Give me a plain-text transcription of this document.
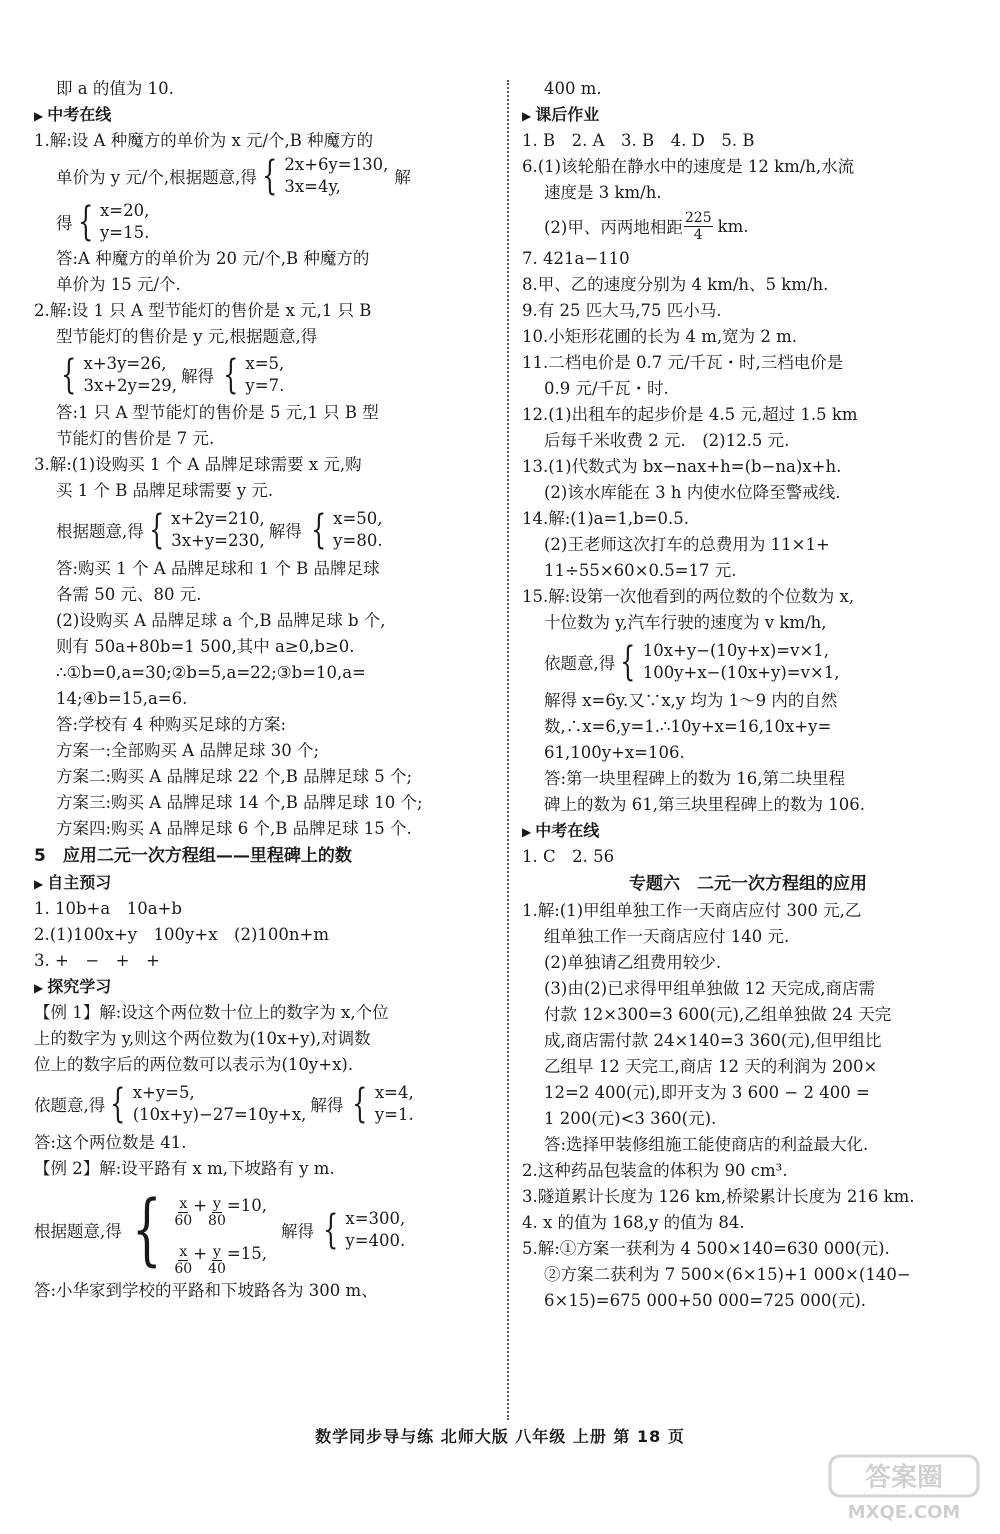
即 a 的值为 10.
▶ 中考在线
1.解:设 A 种魔方的单价为 x 元/个,B 种魔方的
单价为 y 元/个,根据题意,得 { 2x+6y=130,
3x=4y,	解
得 { x=20,
y=15.
答:A 种魔方的单价为 20 元/个,B 种魔方的
单价为 15 元/个.
2.解:设 1 只 A 型节能灯的售价是 x 元,1 只 B
型节能灯的售价是 y 元,根据题意,得
{ x+3y=26,
3x+2y=29, 解得 { x=5,
y=7.
答:1 只 A 型节能灯的售价是 5 元,1 只 B 型
节能灯的售价是 7 元.
3.解:(1)设购买 1 个 A 品牌足球需要 x 元,购
买 1 个 B 品牌足球需要 y 元.
根据题意,得 { x+2y=210,
3x+y=230, 解得 { x=50,
y=80.
答:购买 1 个 A 品牌足球和 1 个 B 品牌足球
各需 50 元、80 元.
(2)设购买 A 品牌足球 a 个,B 品牌足球 b 个,
则有 50a+80b=1 500,其中 a≥0,b≥0.
∴①b=0,a=30;②b=5,a=22;③b=10,a=
14;④b=15,a=6.
答:学校有 4 种购买足球的方案:
方案一:全部购买 A 品牌足球 30 个;
方案二:购买 A 品牌足球 22 个,B 品牌足球 5 个;
方案三:购买 A 品牌足球 14 个,B 品牌足球 10 个;
方案四:购买 A 品牌足球 6 个,B 品牌足球 15 个.
5　应用二元一次方程组——里程碑上的数
▶ 自主预习
1. 10b+a　10a+b
2.(1)100x+y　100y+x　(2)100n+m
3. +　−　+　+
▶ 探究学习
【例 1】解:设这个两位数十位上的数字为 x,个位
上的数字为 y,则这个两位数为(10x+y),对调数
位上的数字后的两位数可以表示为(10y+x).
依题意,得 { x+y=5,
(10x+y)−27=10y+x, 解得 { x=4,
y=1.
答:这个两位数是 41.
【例 2】解:设平路有 x m,下坡路有 y m.
根据题意,得 { $\frac{x}{60} + \frac{y}{80} =10$,
$\frac{x}{60} + \frac{y}{40} =15$,
解得 { x=300,
y=400.
答:小华家到学校的平路和下坡路各为 300 m、
400 m.
▶ 课后作业
1. B　2. A　3. B　4. D　5. B
6.(1)该轮船在静水中的速度是 12 km/h,水流
速度是 3 km/h.
(2)甲、丙两地相距 $\frac{225}{4}$ km.
7. 421a−110
8.甲、乙的速度分别为 4 km/h、5 km/h.
9.有 25 匹大马,75 匹小马.
10.小矩形花圃的长为 4 m,宽为 2 m.
11.二档电价是 0.7 元/千瓦・时,三档电价是
0.9 元/千瓦・时.
12.(1)出租车的起步价是 4.5 元,超过 1.5 km
后每千米收费 2 元.　(2)12.5 元.
13.(1)代数式为 bx−nax+h=(b−na)x+h.
(2)该水库能在 3 h 内使水位降至警戒线.
14.解:(1)a=1,b=0.5.
(2)王老师这次打车的总费用为 11×1+
11÷55×60×0.5=17 元.
15.解:设第一次他看到的两位数的个位数为 x,
十位数为 y,汽车行驶的速度为 v km/h,
依题意,得 { 10x+y−(10y+x)=v×1,
100y+x−(10x+y)=v×1,
解得 x=6y.又∵x,y 均为 1～9 内的自然
数,∴x=6,y=1.∴10y+x=16,10x+y=
61,100y+x=106.
答:第一块里程碑上的数为 16,第二块里程
碑上的数为 61,第三块里程碑上的数为 106.
▶ 中考在线
1. C　2. 56
专题六　二元一次方程组的应用
1.解:(1)甲组单独工作一天商店应付 300 元,乙
组单独工作一天商店应付 140 元.
(2)单独请乙组费用较少.
(3)由(2)已求得甲组单独做 12 天完成,商店需
付款 12×300=3 600(元),乙组单独做 24 天完
成,商店需付款 24×140=3 360(元),但甲组比
乙组早 12 天完工,商店 12 天的利润为 200×
12=2 400(元),即开支为 3 600 − 2 400 =
1 200(元)<3 360(元).
答:选择甲装修组施工能使商店的利益最大化.
2.这种药品包装盒的体积为 90 cm³.
3.隧道累计长度为 126 km,桥梁累计长度为 216 km.
4. x 的值为 168,y 的值为 84.
5.解:①方案一获利为 4 500×140=630 000(元).
②方案二获利为 7 500×(6×15)+1 000×(140−
6×15)=675 000+50 000=725 000(元).
数学同步导与练 北师大版 八年级 上册 第 18 页
答案圈
MXQE.COM
